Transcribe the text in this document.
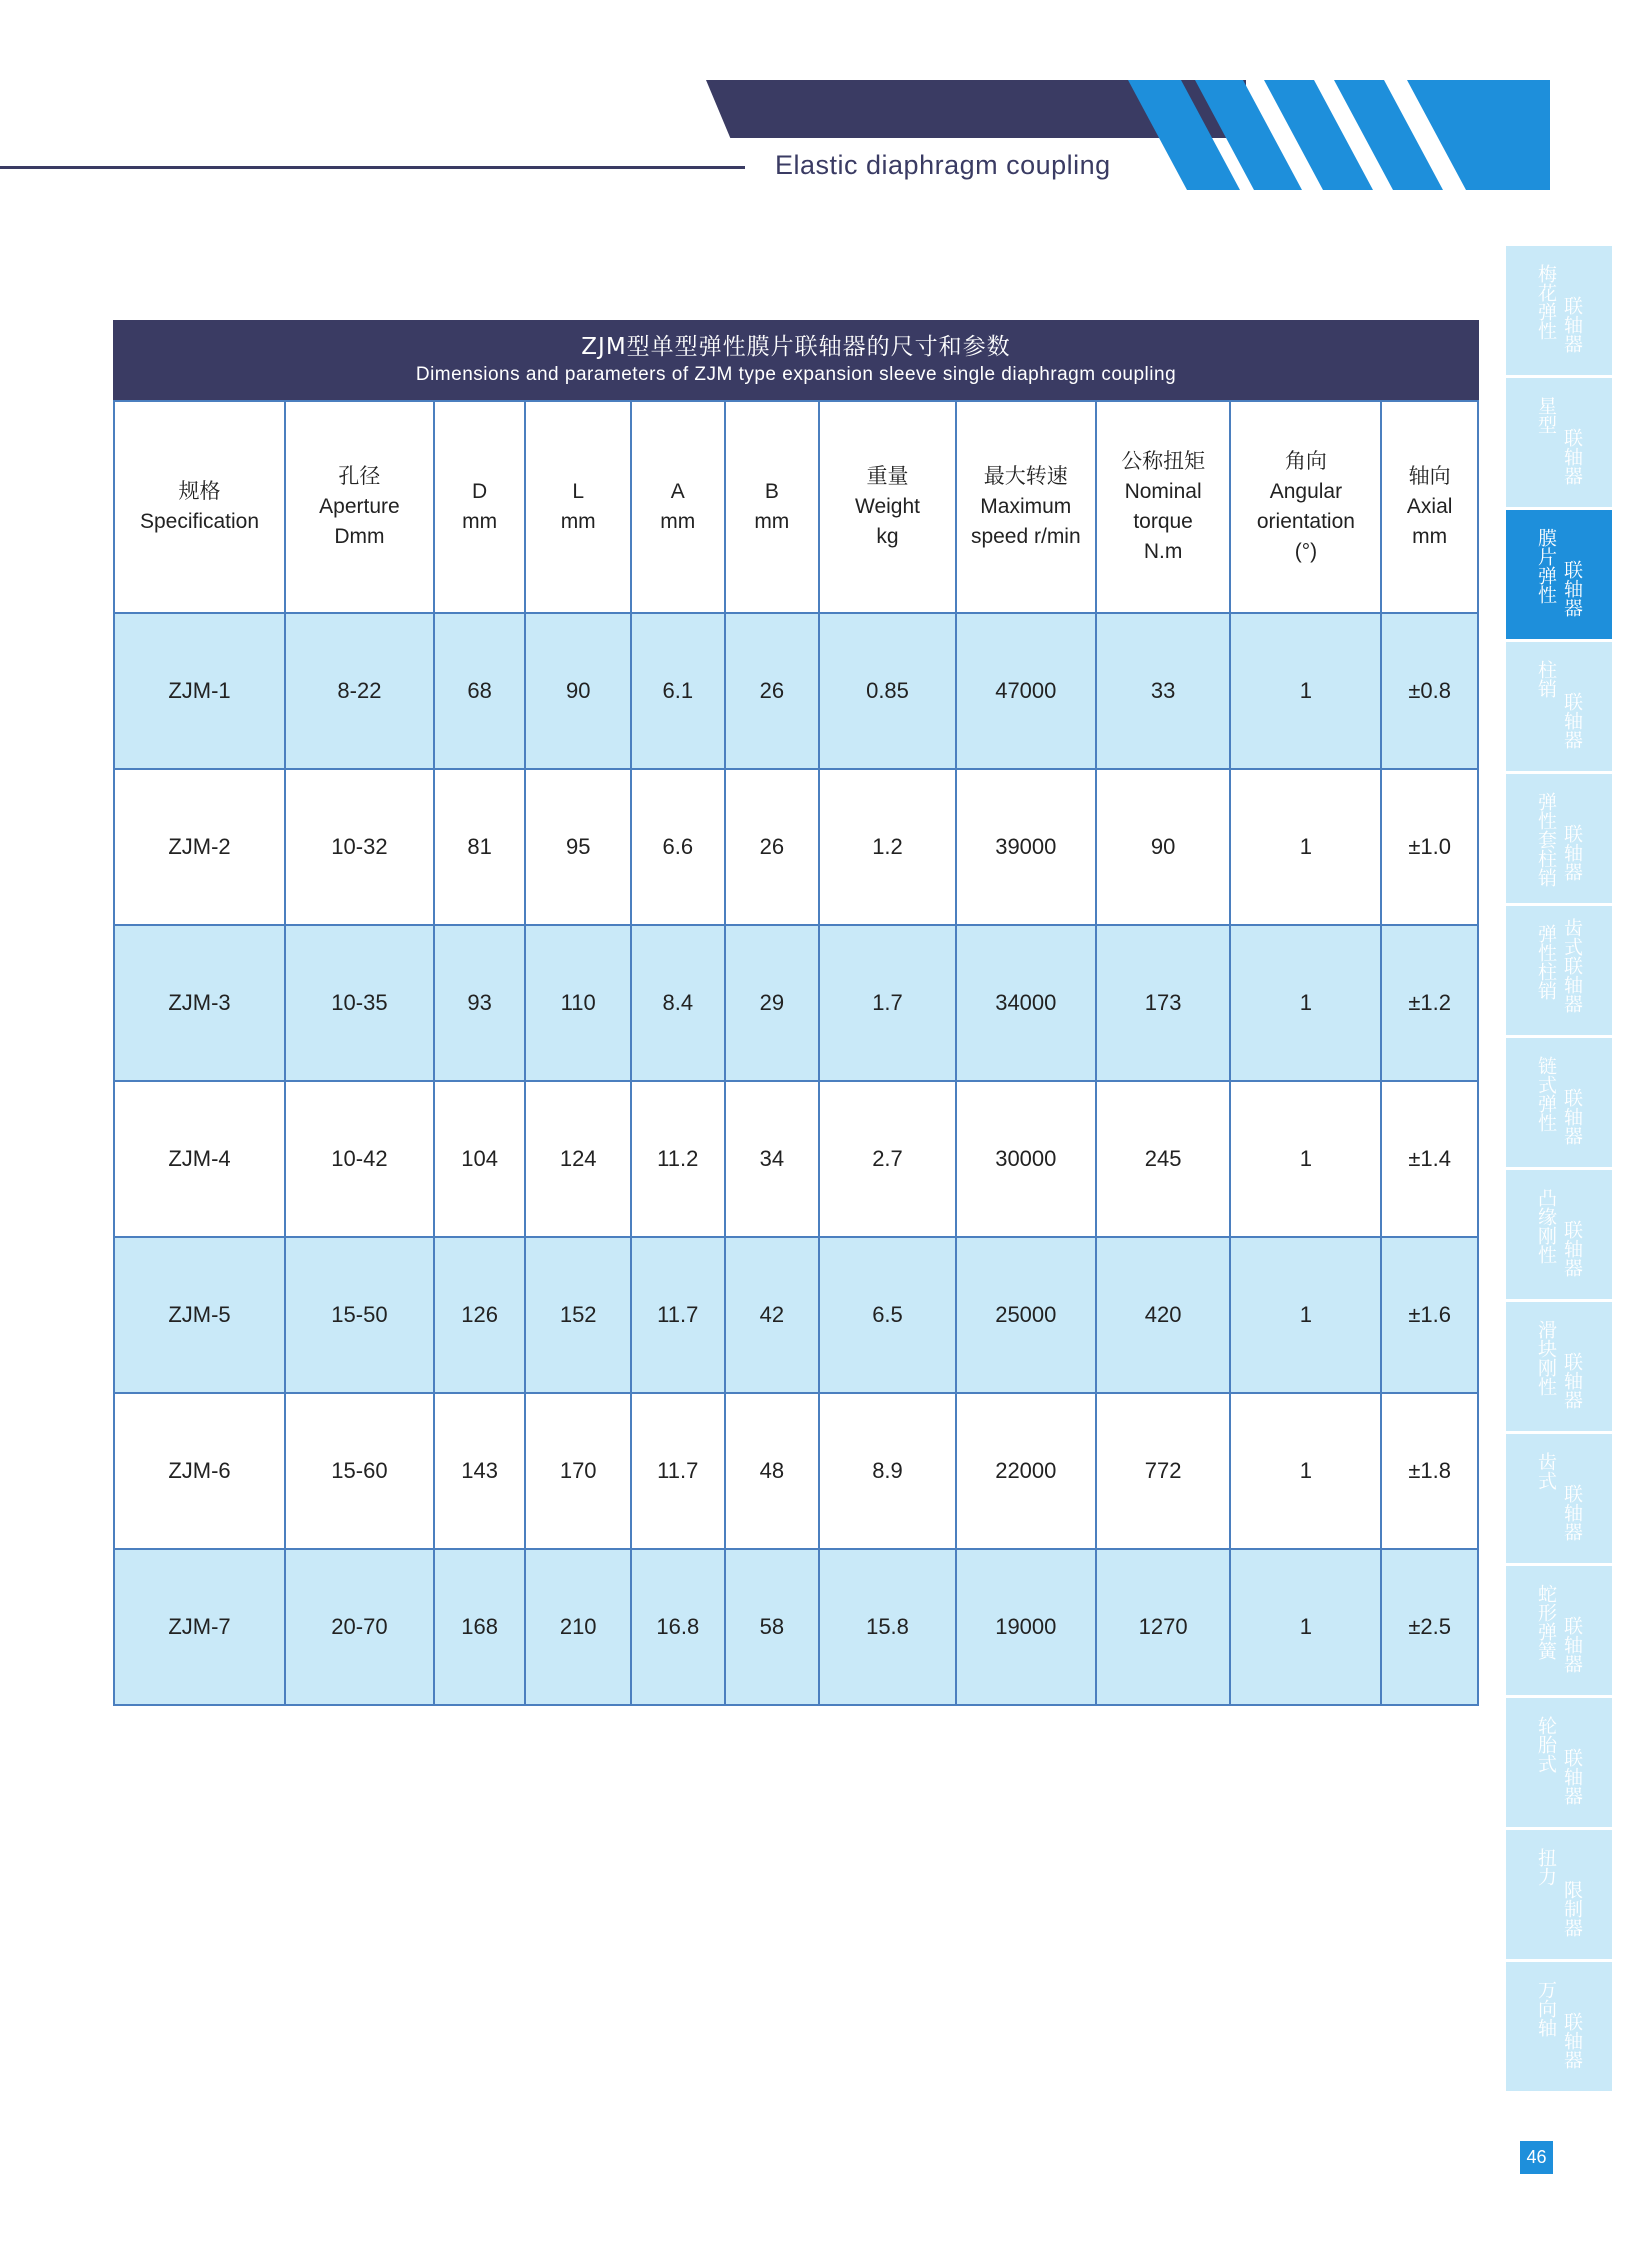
Elastic diaphragm coupling
ZJM型单型弹性膜片联轴器的尺寸和参数
Dimensions and parameters of ZJM type expansion sleeve single diaphragm coupling
规格
Specification	孔径
Aperture
Dmm	D
mm	L
mm	A
mm	B
mm	重量
Weight
kg	最大转速
Maximum
speed r/min	公称扭矩
Nominal
torque
N.m	角向
Angular
orientation
(°)	轴向
Axial
mm

ZJM-1	8-22	68	90	6.1	26	0.85	47000	33	1	±0.8
ZJM-2	10-32	81	95	6.6	26	1.2	39000	90	1	±1.0
ZJM-3	10-35	93	110	8.4	29	1.7	34000	173	1	±1.2
ZJM-4	10-42	104	124	11.2	34	2.7	30000	245	1	±1.4
ZJM-5	15-50	126	152	11.7	42	6.5	25000	420	1	±1.6
ZJM-6	15-60	143	170	11.7	48	8.9	22000	772	1	±1.8
ZJM-7	20-70	168	210	16.8	58	15.8	19000	1270	1	±2.5
梅花弹性 联轴器
星型
联轴器
膜片弹性 联轴器
柱销
联轴器
弹性套柱销 联轴器
弹性柱销 齿式联轴器
链式弹性 联轴器
凸缘刚性 联轴器
滑块刚性 联轴器
齿式
联轴器
蛇形弹簧 联轴器
轮胎式
联轴器
扭力
限制器
万向轴
联轴器
46
